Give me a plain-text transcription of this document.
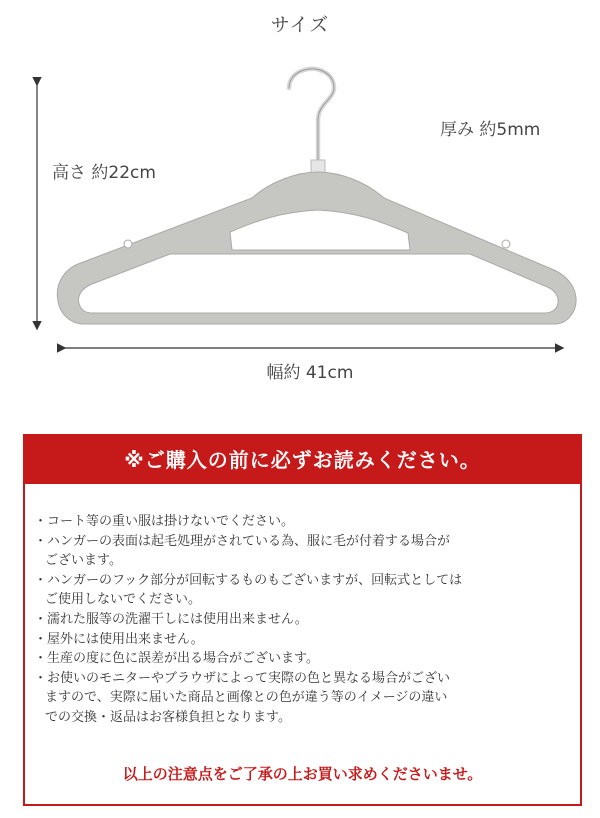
サイズ
高さ 約22cm
厚み 約5mm
幅約 41cm
※ご購入の前に必ずお読みください。
・コート等の重い服は掛けないでください。
・ハンガーの表面は起毛処理がされている為、服に毛が付着する場合が
ございます。
・ハンガーのフック部分が回転するものもございますが、回転式としては
ご使用しないでください。
・濡れた服等の洗濯干しには使用出来ません。
・屋外には使用出来ません。
・生産の度に色に誤差が出る場合がございます。
・お使いのモニターやブラウザによって実際の色と異なる場合がござい
ますので、実際に届いた商品と画像との色が違う等のイメージの違い
での交換・返品はお客様負担となります。
以上の注意点をご了承の上お買い求めくださいませ。
